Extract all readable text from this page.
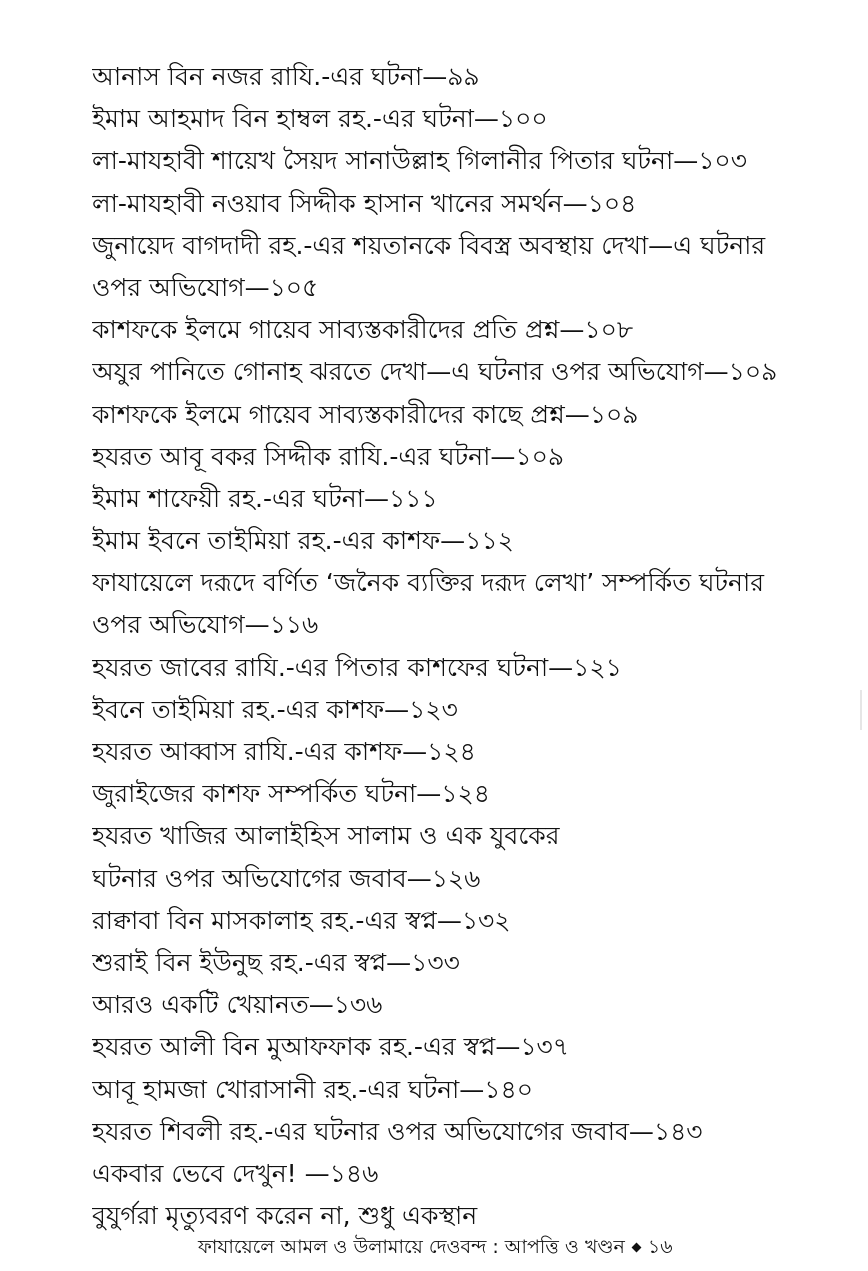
আনাস বিন নজর রাযি.-এর ঘটনা—৯৯
ইমাম আহমাদ বিন হাম্বল রহ.-এর ঘটনা—১০০
লা-মাযহাবী শায়েখ সৈয়দ সানাউল্লাহ গিলানীর পিতার ঘটনা—১০৩
লা-মাযহাবী নওয়াব সিদ্দীক হাসান খানের সমর্থন—১০৪
জুনায়েদ বাগদাদী রহ.-এর শয়তানকে বিবস্ত্র অবস্থায় দেখা—এ ঘটনার
ওপর অভিযোগ—১০৫
কাশফকে ইলমে গায়েব সাব্যস্তকারীদের প্রতি প্রশ্ন—১০৮
অযুর পানিতে গোনাহ ঝরতে দেখা—এ ঘটনার ওপর অভিযোগ—১০৯
কাশফকে ইলমে গায়েব সাব্যস্তকারীদের কাছে প্রশ্ন—১০৯
হযরত আবূ বকর সিদ্দীক রাযি.-এর ঘটনা—১০৯
ইমাম শাফেয়ী রহ.-এর ঘটনা—১১১
ইমাম ইবনে তাইমিয়া রহ.-এর কাশফ—১১২
ফাযায়েলে দরূদে বর্ণিত ‘জনৈক ব্যক্তির দরূদ লেখা’ সম্পর্কিত ঘটনার
ওপর অভিযোগ—১১৬
হযরত জাবের রাযি.-এর পিতার কাশফের ঘটনা—১২১
ইবনে তাইমিয়া রহ.-এর কাশফ—১২৩
হযরত আব্বাস রাযি.-এর কাশফ—১২৪
জুরাইজের কাশফ সম্পর্কিত ঘটনা—১২৪
হযরত খাজির আলাইহিস সালাম ও এক যুবকের
ঘটনার ওপর অভিযোগের জবাব—১২৬
রাক্বাবা বিন মাসকালাহ রহ.-এর স্বপ্ন—১৩২
শুরাই বিন ইউনুছ রহ.-এর স্বপ্ন—১৩৩
আরও একটি খেয়ানত—১৩৬
হযরত আলী বিন মুআফফাক রহ.-এর স্বপ্ন—১৩৭
আবূ হামজা খোরাসানী রহ.-এর ঘটনা—১৪০
হযরত শিবলী রহ.-এর ঘটনার ওপর অভিযোগের জবাব—১৪৩
একবার ভেবে দেখুন! —১৪৬
বুযুর্গরা মৃত্যুবরণ করেন না, শুধু একস্থান
ফাযায়েলে আমল ও উলামায়ে দেওবন্দ : আপত্তি ও খণ্ডন ১৬
